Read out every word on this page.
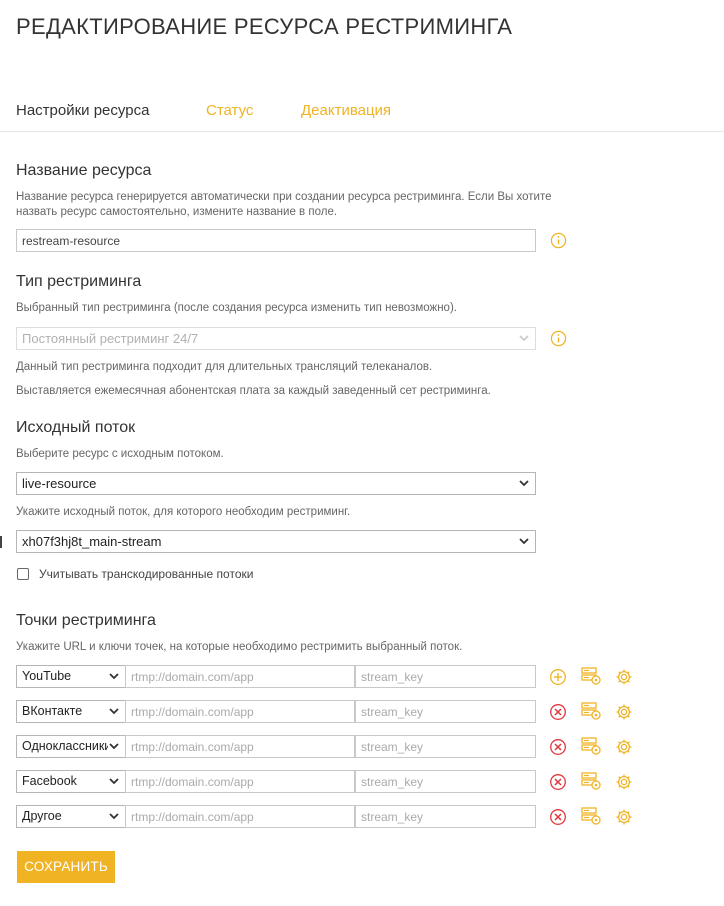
РЕДАКТИРОВАНИЕ РЕСУРСА РЕСТРИМИНГА
Настройки ресурса	Статус	Деактивация
Название ресурса
Название ресурса генерируется автоматически при создании ресурса рестриминга. Если Вы хотите назвать ресурс самостоятельно, измените название в поле.
restream-resource
Тип рестриминга
Выбранный тип рестриминга (после создания ресурса изменить тип невозможно).
Постоянный рестриминг 24/7
Данный тип рестриминга подходит для длительных трансляций телеканалов.
Выставляется ежемесячная абонентская плата за каждый заведенный сет рестриминга.
Исходный поток
Выберите ресурс с исходным потоком.
live-resource
Укажите исходный поток, для которого необходим рестриминг.
xh07f3hj8t_main-stream
Учитывать транскодированные потоки
Точки рестриминга
Укажите URL и ключи точек, на которые необходимо рестримить выбранный поток.
YouTube
rtmp://domain.com/app
stream_key
ВКонтакте
rtmp://domain.com/app
stream_key
Одноклассники
rtmp://domain.com/app
stream_key
Facebook
rtmp://domain.com/app
stream_key
Другое
rtmp://domain.com/app
stream_key
СОХРАНИТЬ
